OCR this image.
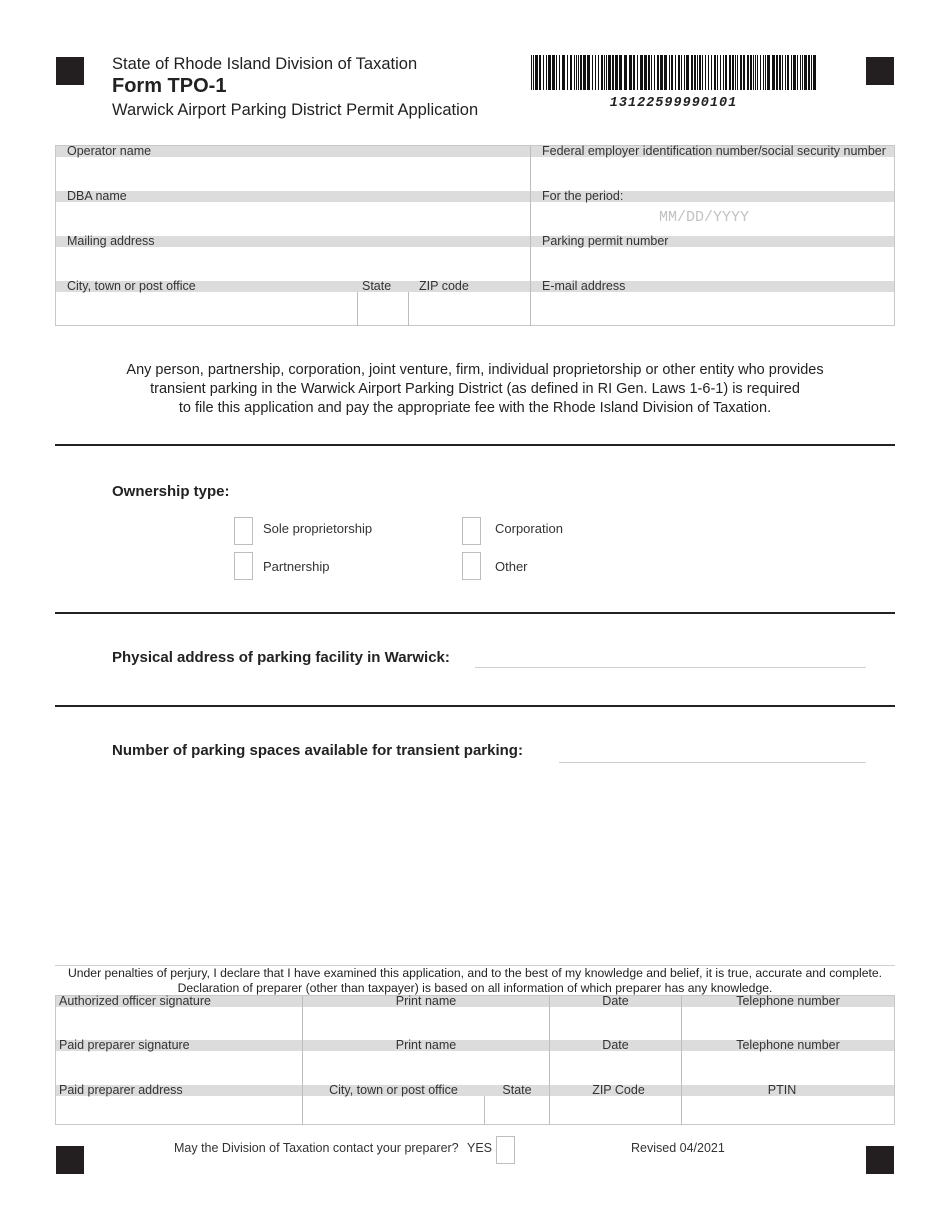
State of Rhode Island Division of Taxation
Form TPO-1
Warwick Airport Parking District Permit Application	13122599990101
Operator name	Federal employer identification number/social security number
DBA name	For the period:
MM/DD/YYYY
Mailing address	Parking permit number
City, town or post office	State ZIP code	E-mail address
Any person, partnership, corporation, joint venture, firm, individual proprietorship or other entity who provides
transient parking in the Warwick Airport Parking District (as defined in RI Gen. Laws 1-6-1) is required
to file this application and pay the appropriate fee with the Rhode Island Division of Taxation.
Ownership type:
Sole proprietorship	Corporation
Partnership	Other
Physical address of parking facility in Warwick:
Number of parking spaces available for transient parking:
Under penalties of perjury, I declare that I have examined this application, and to the best of my knowledge and belief, it is true, accurate and complete.
Declaration of preparer (other than taxpayer) is based on all information of which preparer has any knowledge.
Authorized officer signature	Print name	Date	Telephone number
Paid preparer signature	Print name	Date	Telephone number
Paid preparer address	City, town or post office	State	ZIP Code	PTIN
May the Division of Taxation contact your preparer? YES	Revised 04/2021
